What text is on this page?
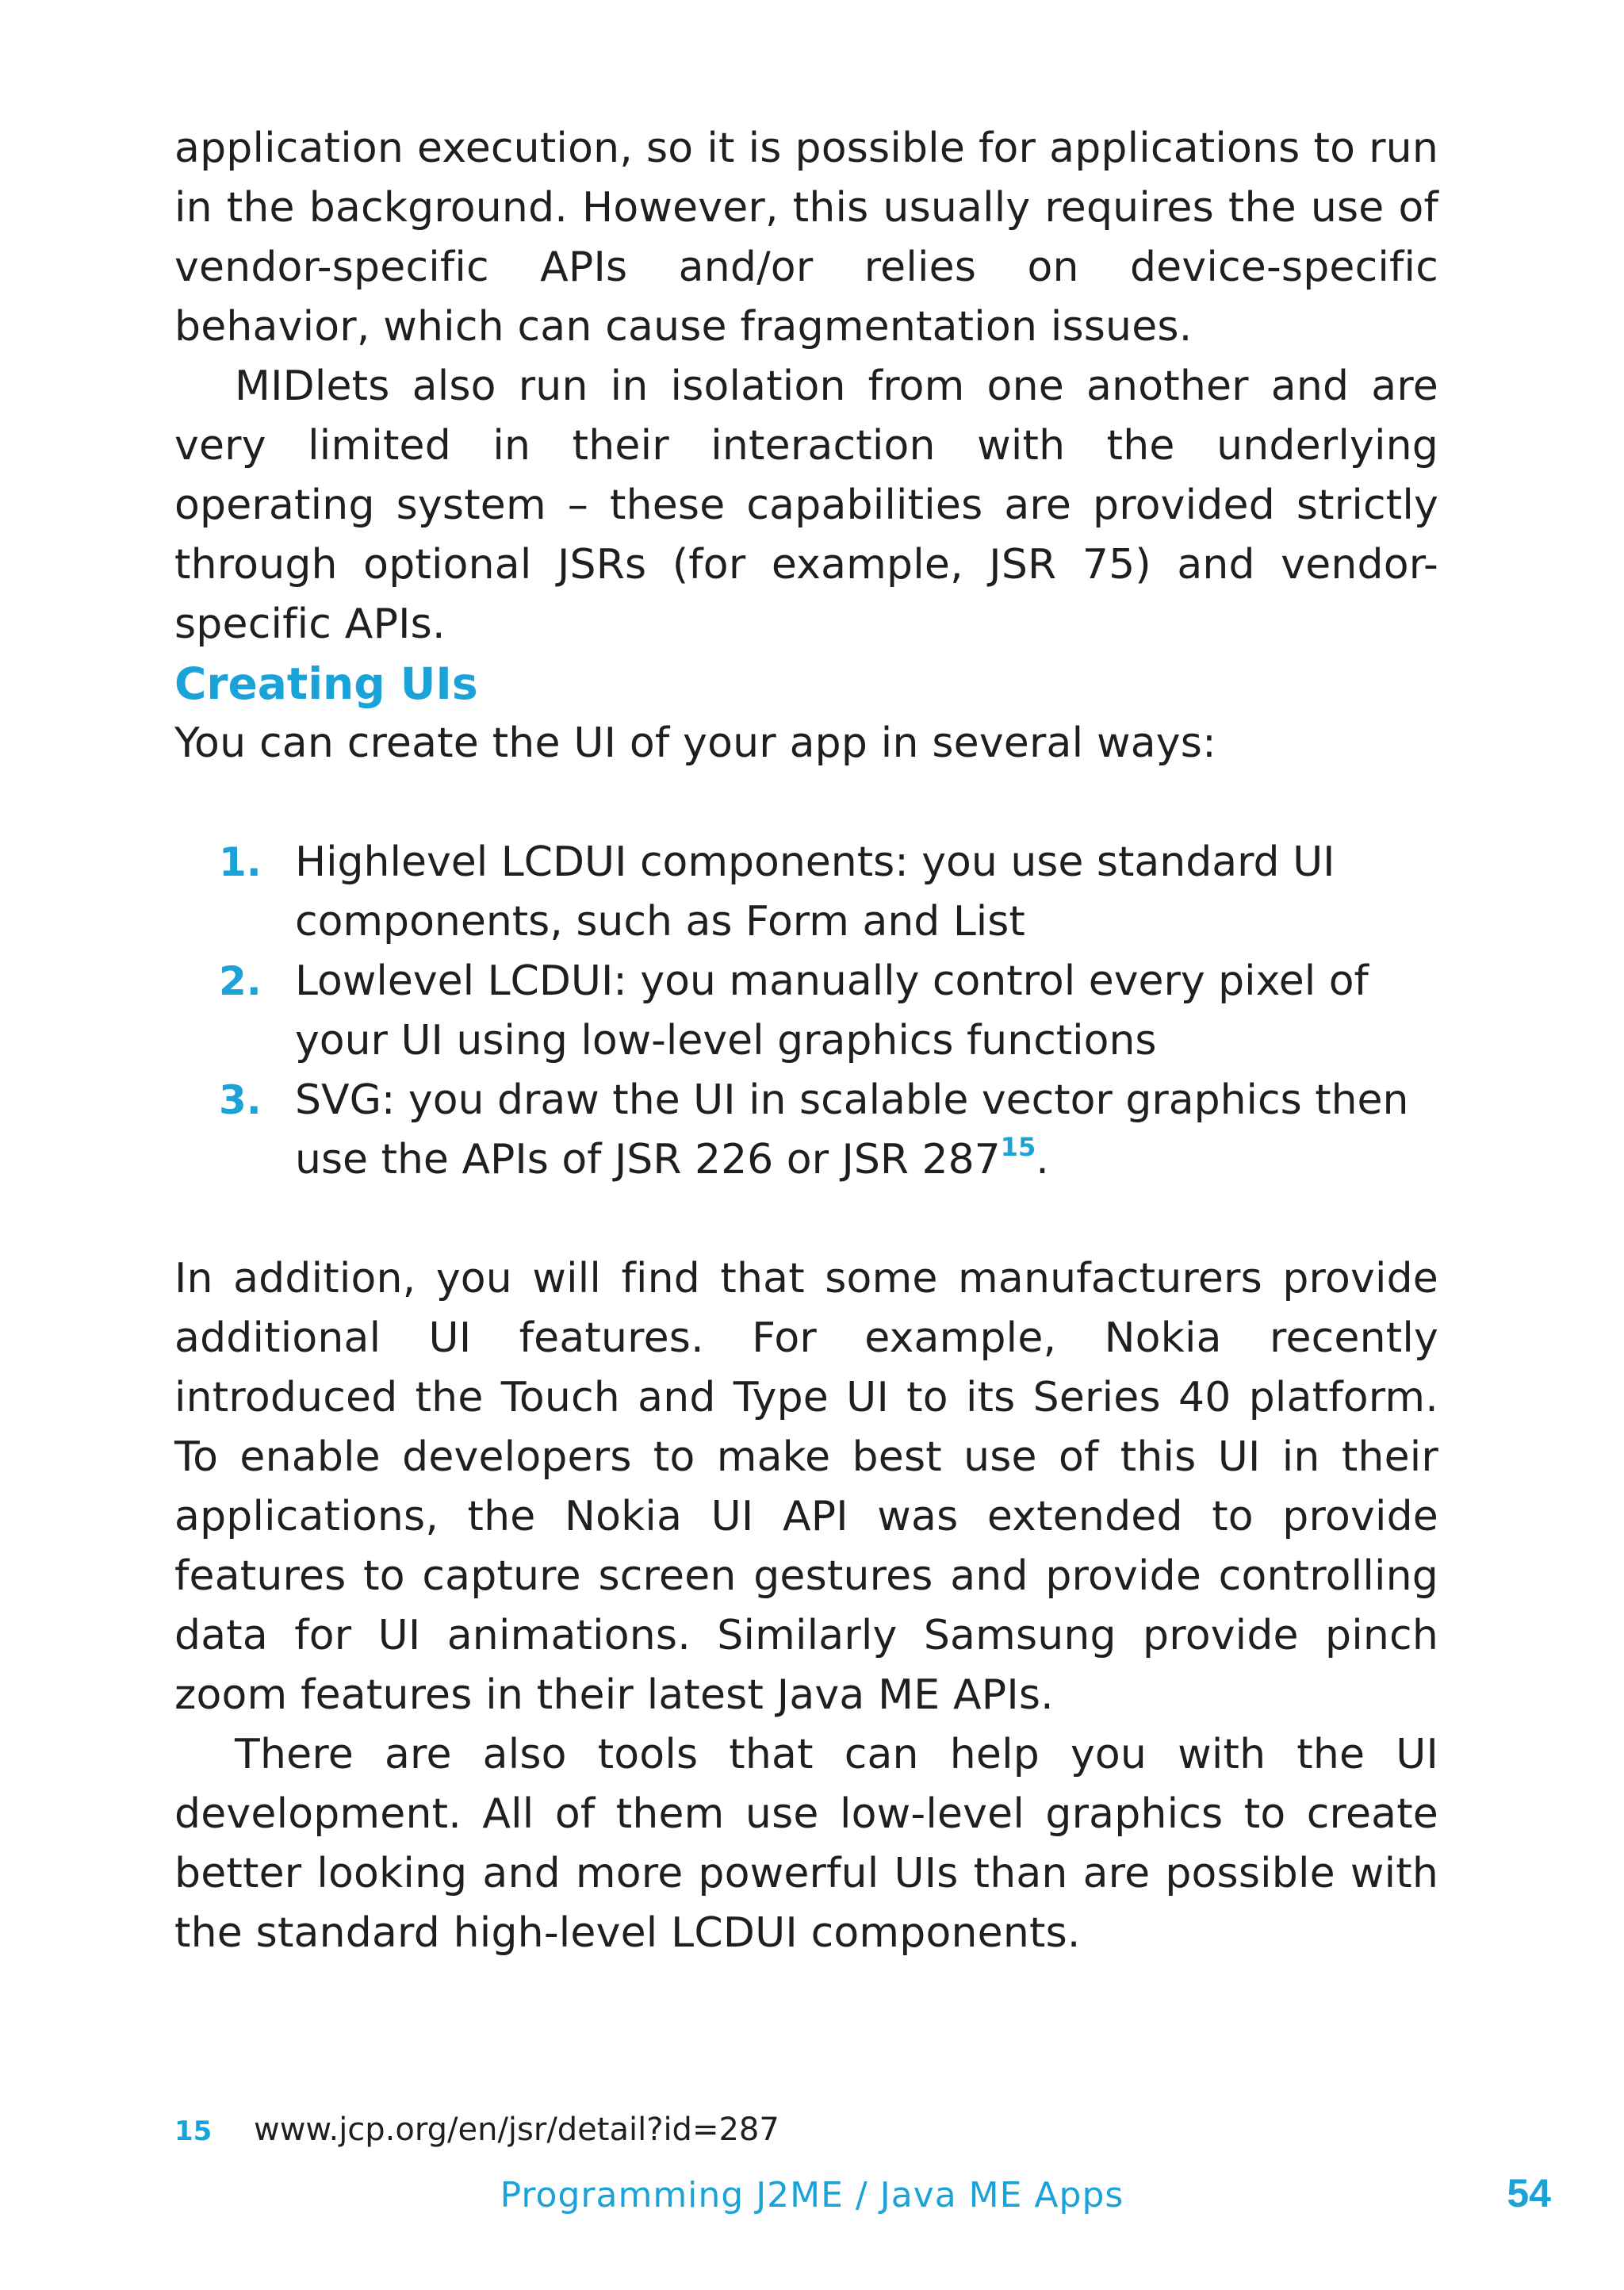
application execution, so it is possible for applications to run in the background. However, this usually requires the use of vendor-specific APIs and/or relies on device-specific behavior, which can cause fragmentation issues.

MIDlets also run in isolation from one another and are very limited in their interaction with the underlying operating system – these capabilities are provided strictly through optional JSRs (for example, JSR 75) and vendor-specific APIs.

Creating UIs

You can create the UI of your app in several ways:

1. Highlevel LCDUI components: you use standard UI components, such as Form and List
2. Lowlevel LCDUI: you manually control every pixel of your UI using low-level graphics functions
3. SVG: you draw the UI in scalable vector graphics then use the APIs of JSR 226 or JSR $287^{15}$.

In addition, you will find that some manufacturers provide additional UI features. For example, Nokia recently introduced the Touch and Type UI to its Series 40 platform. To enable developers to make best use of this UI in their applications, the Nokia UI API was extended to provide features to capture screen gestures and provide controlling data for UI animations. Similarly Samsung provide pinch zoom features in their latest Java ME APIs.

There are also tools that can help you with the UI development. All of them use low-level graphics to create better looking and more powerful UIs than are possible with the standard high-level LCDUI components.

15 www.jcp.org/en/jsr/detail?id=287
Programming J2ME / Java ME Apps	54
